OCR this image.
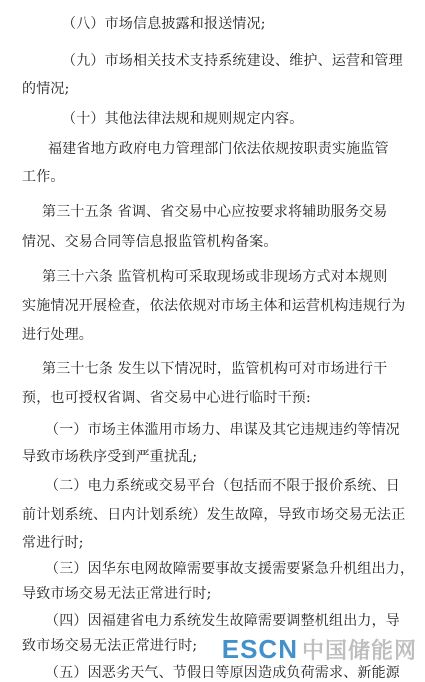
（八）市场信息披露和报送情况;
（九）市场相关技术支持系统建设、维护、运营和管理
的情况;
（十）其他法律法规和规则规定内容。
福建省地方政府电力管理部门依法依规按职责实施监管
工作。
第三十五条 省调、省交易中心应按要求将辅助服务交易
情况、交易合同等信息报监管机构备案。
第三十六条 监管机构可采取现场或非现场方式对本规则
实施情况开展检查，依法依规对市场主体和运营机构违规行为
进行处理。
第三十七条 发生以下情况时，监管机构可对市场进行干
预，也可授权省调、省交易中心进行临时干预:
（一）市场主体滥用市场力、串谋及其它违规违约等情况
导致市场秩序受到严重扰乱;
（二）电力系统或交易平台（包括而不限于报价系统、日
前计划系统、日内计划系统）发生故障，导致市场交易无法正
常进行时;
（三）因华东电网故障需要事故支援需要紧急升机组出力，
导致市场交易无法正常进行时;
（四）因福建省电力系统发生故障需要调整机组出力，导
致市场交易无法正常进行时;
（五）因恶劣天气、节假日等原因造成负荷需求、新能源
ESCN 中国储能网
